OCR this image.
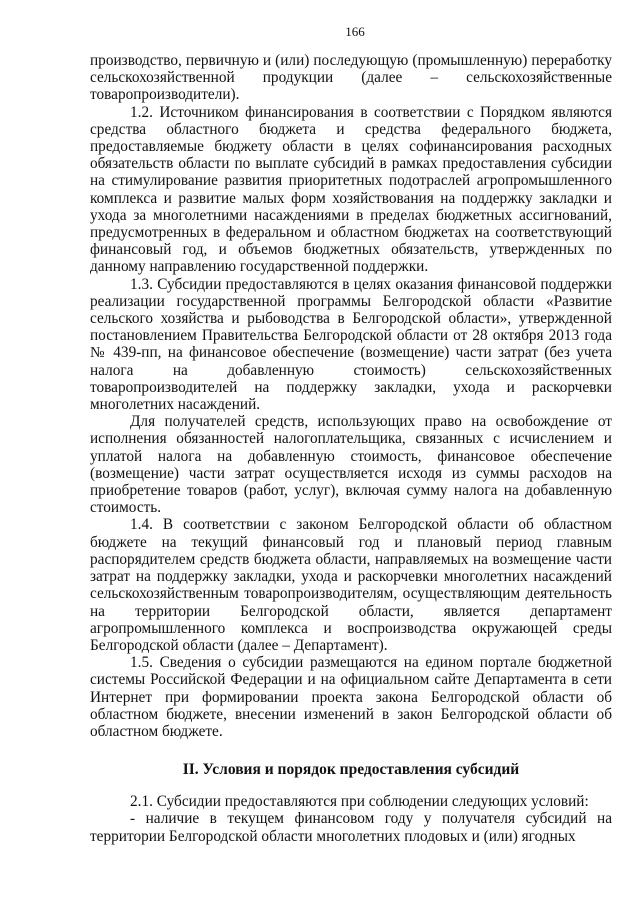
166

производство, первичную и (или) последующую (промышленную) переработку сельскохозяйственной продукции (далее – сельскохозяйственные товаропроизводители).

1.2. Источником финансирования в соответствии с Порядком являются средства областного бюджета и средства федерального бюджета, предоставляемые бюджету области в целях софинансирования расходных обязательств области по выплате субсидий в рамках предоставления субсидии на стимулирование развития приоритетных подотраслей агропромышленного комплекса и развитие малых форм хозяйствования на поддержку закладки и ухода за многолетними насаждениями в пределах бюджетных ассигнований, предусмотренных в федеральном и областном бюджетах на соответствующий финансовый год, и объемов бюджетных обязательств, утвержденных по данному направлению государственной поддержки.

1.3. Субсидии предоставляются в целях оказания финансовой поддержки реализации государственной программы Белгородской области «Развитие сельского хозяйства и рыбоводства в Белгородской области», утвержденной постановлением Правительства Белгородской области от 28 октября 2013 года № 439-пп, на финансовое обеспечение (возмещение) части затрат (без учета налога на добавленную стоимость) сельскохозяйственных товаропроизводителей на поддержку закладки, ухода и раскорчевки многолетних насаждений.

Для получателей средств, использующих право на освобождение от исполнения обязанностей налогоплательщика, связанных с исчислением и уплатой налога на добавленную стоимость, финансовое обеспечение (возмещение) части затрат осуществляется исходя из суммы расходов на приобретение товаров (работ, услуг), включая сумму налога на добавленную стоимость.

1.4. В соответствии с законом Белгородской области об областном бюджете на текущий финансовый год и плановый период главным распорядителем средств бюджета области, направляемых на возмещение части затрат на поддержку закладки, ухода и раскорчевки многолетних насаждений сельскохозяйственным товаропроизводителям, осуществляющим деятельность на территории Белгородской области, является департамент агропромышленного комплекса и воспроизводства окружающей среды Белгородской области (далее – Департамент).

1.5. Сведения о субсидии размещаются на едином портале бюджетной системы Российской Федерации и на официальном сайте Департамента в сети Интернет при формировании проекта закона Белгородской области об областном бюджете, внесении изменений в закон Белгородской области об областном бюджете.

II. Условия и порядок предоставления субсидий

2.1. Субсидии предоставляются при соблюдении следующих условий:

- наличие в текущем финансовом году у получателя субсидий на территории Белгородской области многолетних плодовых и (или) ягодных
